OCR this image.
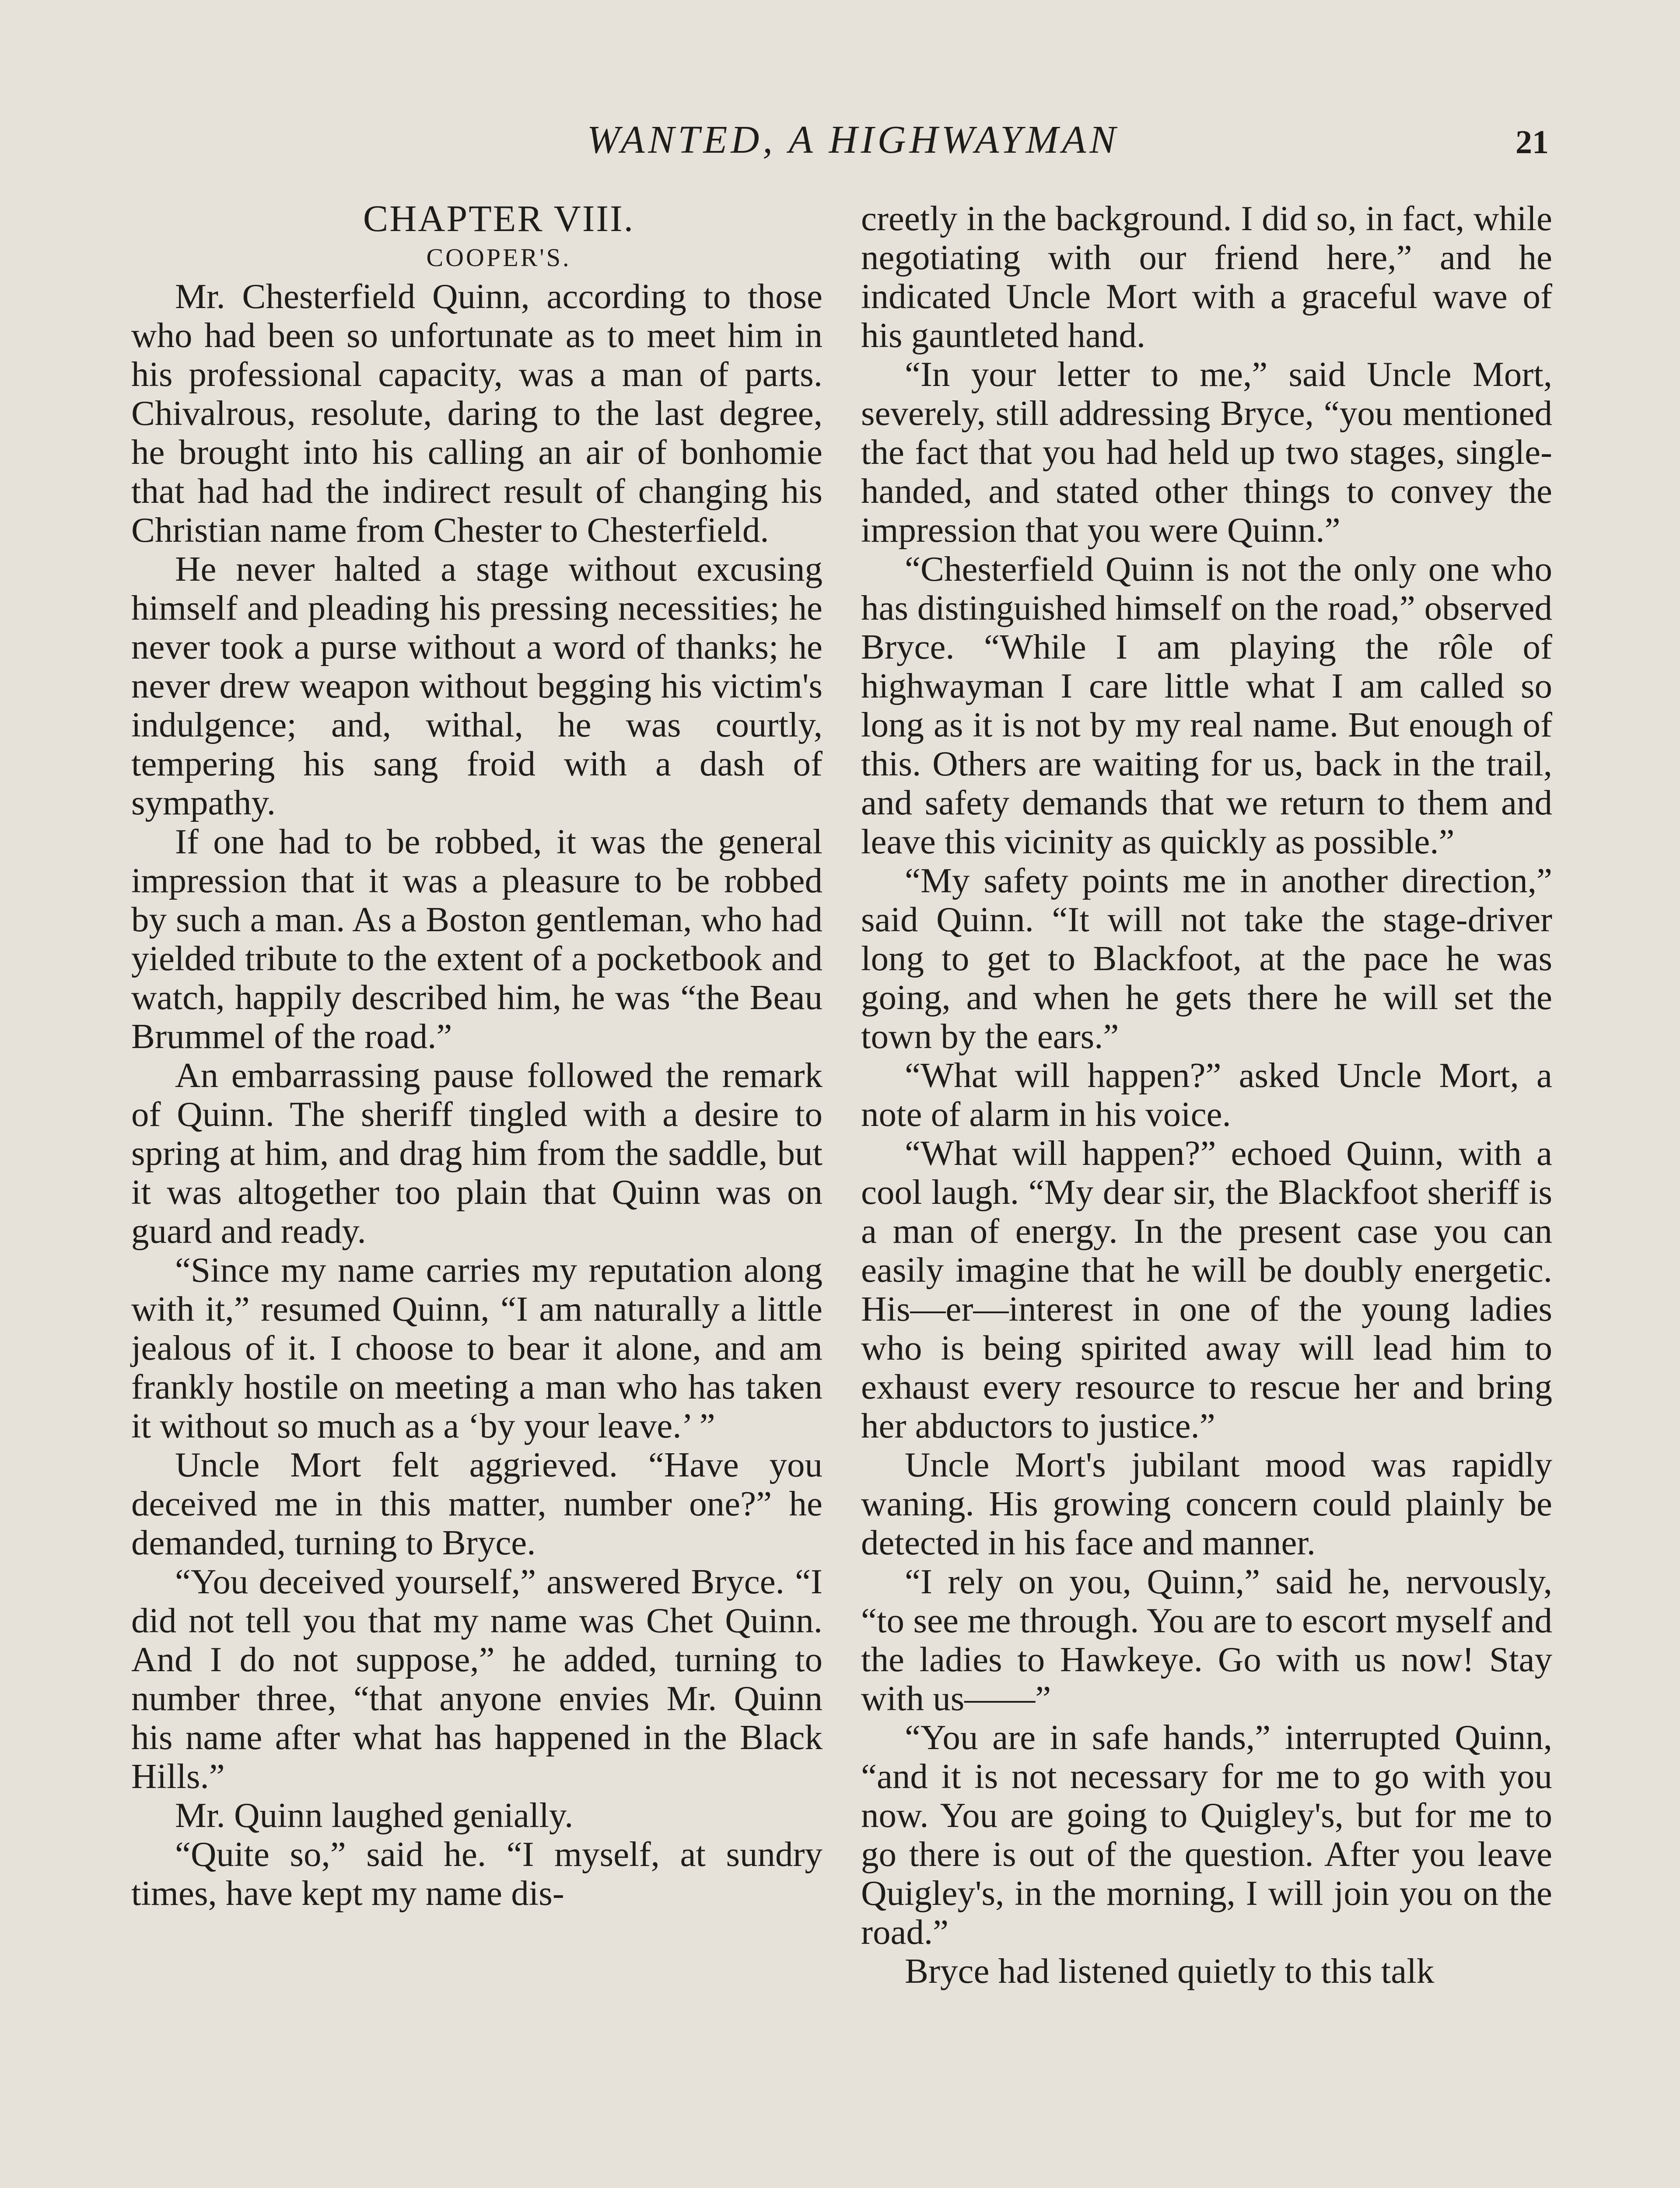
WANTED, A HIGHWAYMAN	21

CHAPTER VIII.

COOPER'S.

Mr. Chesterfield Quinn, according to those who had been so unfortunate as to meet him in his professional capacity, was a man of parts. Chivalrous, resolute, daring to the last degree, he brought into his calling an air of bonhomie that had had the indirect result of changing his Christian name from Chester to Chesterfield.

He never halted a stage without excusing himself and pleading his pressing necessities; he never took a purse without a word of thanks; he never drew weapon without begging his victim's indulgence; and, withal, he was courtly, tempering his sang froid with a dash of sympathy.

If one had to be robbed, it was the general impression that it was a pleasure to be robbed by such a man. As a Boston gentleman, who had yielded tribute to the extent of a pocketbook and watch, happily described him, he was “the Beau Brummel of the road.”

An embarrassing pause followed the remark of Quinn. The sheriff tingled with a desire to spring at him, and drag him from the saddle, but it was altogether too plain that Quinn was on guard and ready.

“Since my name carries my reputation along with it,” resumed Quinn, “I am naturally a little jealous of it. I choose to bear it alone, and am frankly hostile on meeting a man who has taken it without so much as a ‘by your leave.’ ”

Uncle Mort felt aggrieved. “Have you deceived me in this matter, number one?” he demanded, turning to Bryce.

“You deceived yourself,” answered Bryce. “I did not tell you that my name was Chet Quinn. And I do not suppose,” he added, turning to number three, “that anyone envies Mr. Quinn his name after what has happened in the Black Hills.”

Mr. Quinn laughed genially.

“Quite so,” said he. “I myself, at sundry times, have kept my name dis-

creetly in the background. I did so, in fact, while negotiating with our friend here,” and he indicated Uncle Mort with a graceful wave of his gauntleted hand.

“In your letter to me,” said Uncle Mort, severely, still addressing Bryce, “you mentioned the fact that you had held up two stages, single-handed, and stated other things to convey the impression that you were Quinn.”

“Chesterfield Quinn is not the only one who has distinguished himself on the road,” observed Bryce. “While I am playing the rôle of highwayman I care little what I am called so long as it is not by my real name. But enough of this. Others are waiting for us, back in the trail, and safety demands that we return to them and leave this vicinity as quickly as possible.”

“My safety points me in another direction,” said Quinn. “It will not take the stage-driver long to get to Blackfoot, at the pace he was going, and when he gets there he will set the town by the ears.”

“What will happen?” asked Uncle Mort, a note of alarm in his voice.

“What will happen?” echoed Quinn, with a cool laugh. “My dear sir, the Blackfoot sheriff is a man of energy. In the present case you can easily imagine that he will be doubly energetic. His—er—interest in one of the young ladies who is being spirited away will lead him to exhaust every resource to rescue her and bring her abductors to justice.”

Uncle Mort's jubilant mood was rapidly waning. His growing concern could plainly be detected in his face and manner.

“I rely on you, Quinn,” said he, nervously, “to see me through. You are to escort myself and the ladies to Hawkeye. Go with us now! Stay with us——”

“You are in safe hands,” interrupted Quinn, “and it is not necessary for me to go with you now. You are going to Quigley's, but for me to go there is out of the question. After you leave Quigley's, in the morning, I will join you on the road.”

Bryce had listened quietly to this talk
